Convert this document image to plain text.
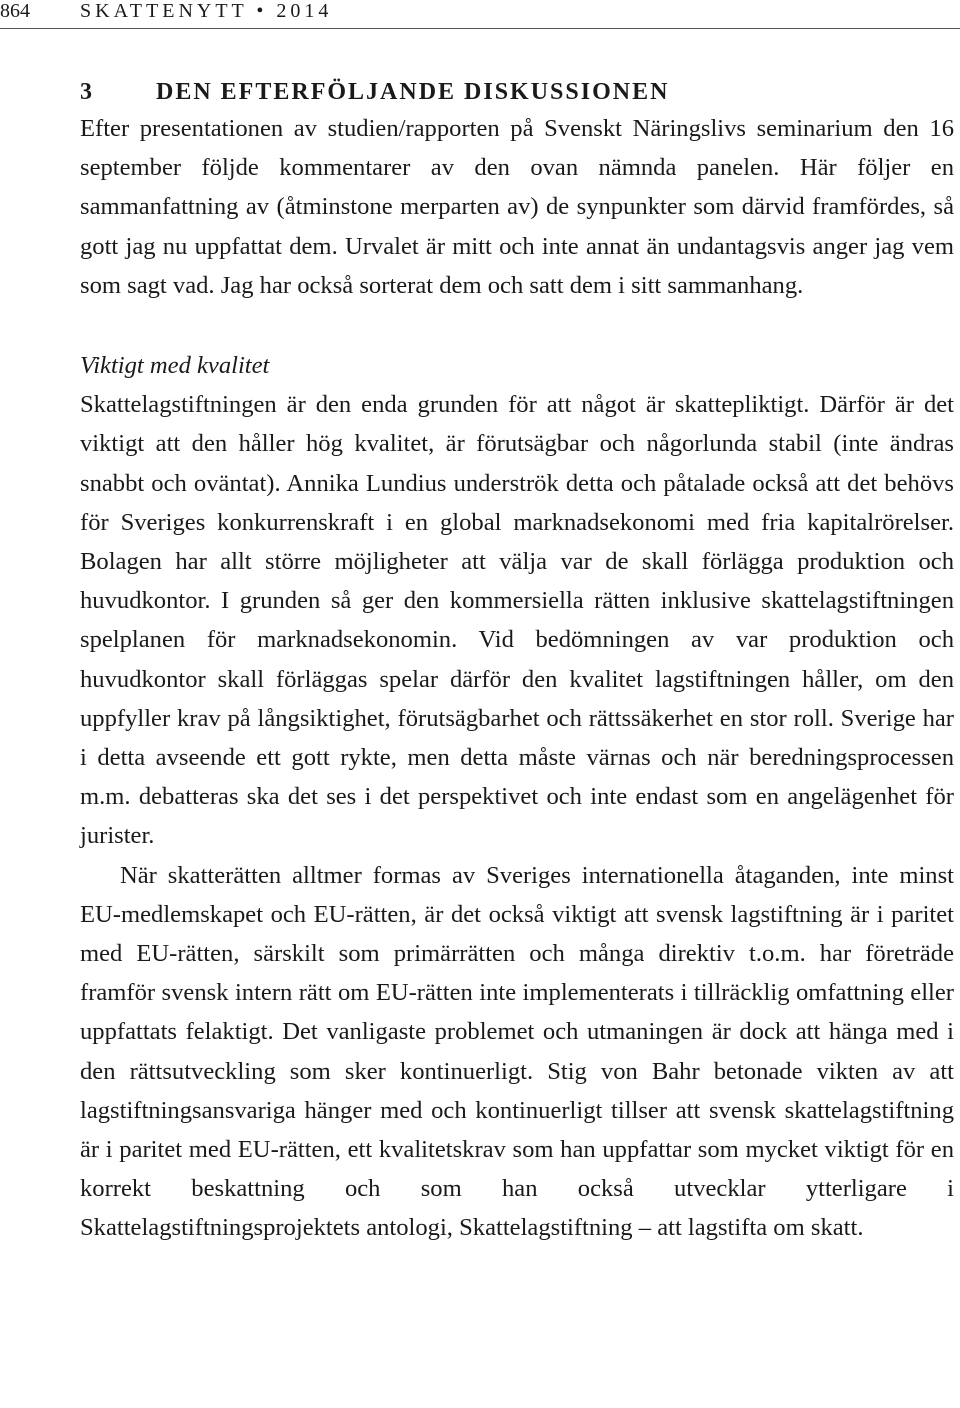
864	SKATTENYTT • 2014
3	DEN EFTERFÖLJANDE DISKUSSIONEN

Efter presentationen av studien/rapporten på Svenskt Näringslivs seminarium den 16 september följde kommentarer av den ovan nämnda panelen. Här följer en sammanfattning av (åtminstone merparten av) de synpunkter som därvid framfördes, så gott jag nu uppfattat dem. Urvalet är mitt och inte annat än undantagsvis anger jag vem som sagt vad. Jag har också sorterat dem och satt dem i sitt sammanhang.

Viktigt med kvalitet

Skattelagstiftningen är den enda grunden för att något är skattepliktigt. Därför är det viktigt att den håller hög kvalitet, är förutsägbar och någorlunda stabil (inte ändras snabbt och oväntat). Annika Lundius underströk detta och påtalade också att det behövs för Sveriges konkurrenskraft i en global marknadsekonomi med fria kapitalrörelser. Bolagen har allt större möjligheter att välja var de skall förlägga produktion och huvudkontor. I grunden så ger den kommersiella rätten inklusive skattelagstiftningen spelplanen för marknadsekonomin. Vid bedömningen av var produktion och huvudkontor skall förläggas spelar därför den kvalitet lagstiftningen håller, om den uppfyller krav på långsiktighet, förutsägbarhet och rättssäkerhet en stor roll. Sverige har i detta avseende ett gott rykte, men detta måste värnas och när beredningsprocessen m.m. debatteras ska det ses i det perspektivet och inte endast som en angelägenhet för jurister.

När skatterätten alltmer formas av Sveriges internationella åtaganden, inte minst EU-medlemskapet och EU-rätten, är det också viktigt att svensk lagstiftning är i paritet med EU-rätten, särskilt som primärrätten och många direktiv t.o.m. har företräde framför svensk intern rätt om EU-rätten inte implementerats i tillräcklig omfattning eller uppfattats felaktigt. Det vanligaste problemet och utmaningen är dock att hänga med i den rättsutveckling som sker kontinuerligt. Stig von Bahr betonade vikten av att lagstiftningsansvariga hänger med och kontinuerligt tillser att svensk skattelagstiftning är i paritet med EU-rätten, ett kvalitetskrav som han uppfattar som mycket viktigt för en korrekt beskattning och som han också utvecklar ytterligare i Skattelagstiftningsprojektets antologi, Skattelagstiftning – att lagstifta om skatt.
